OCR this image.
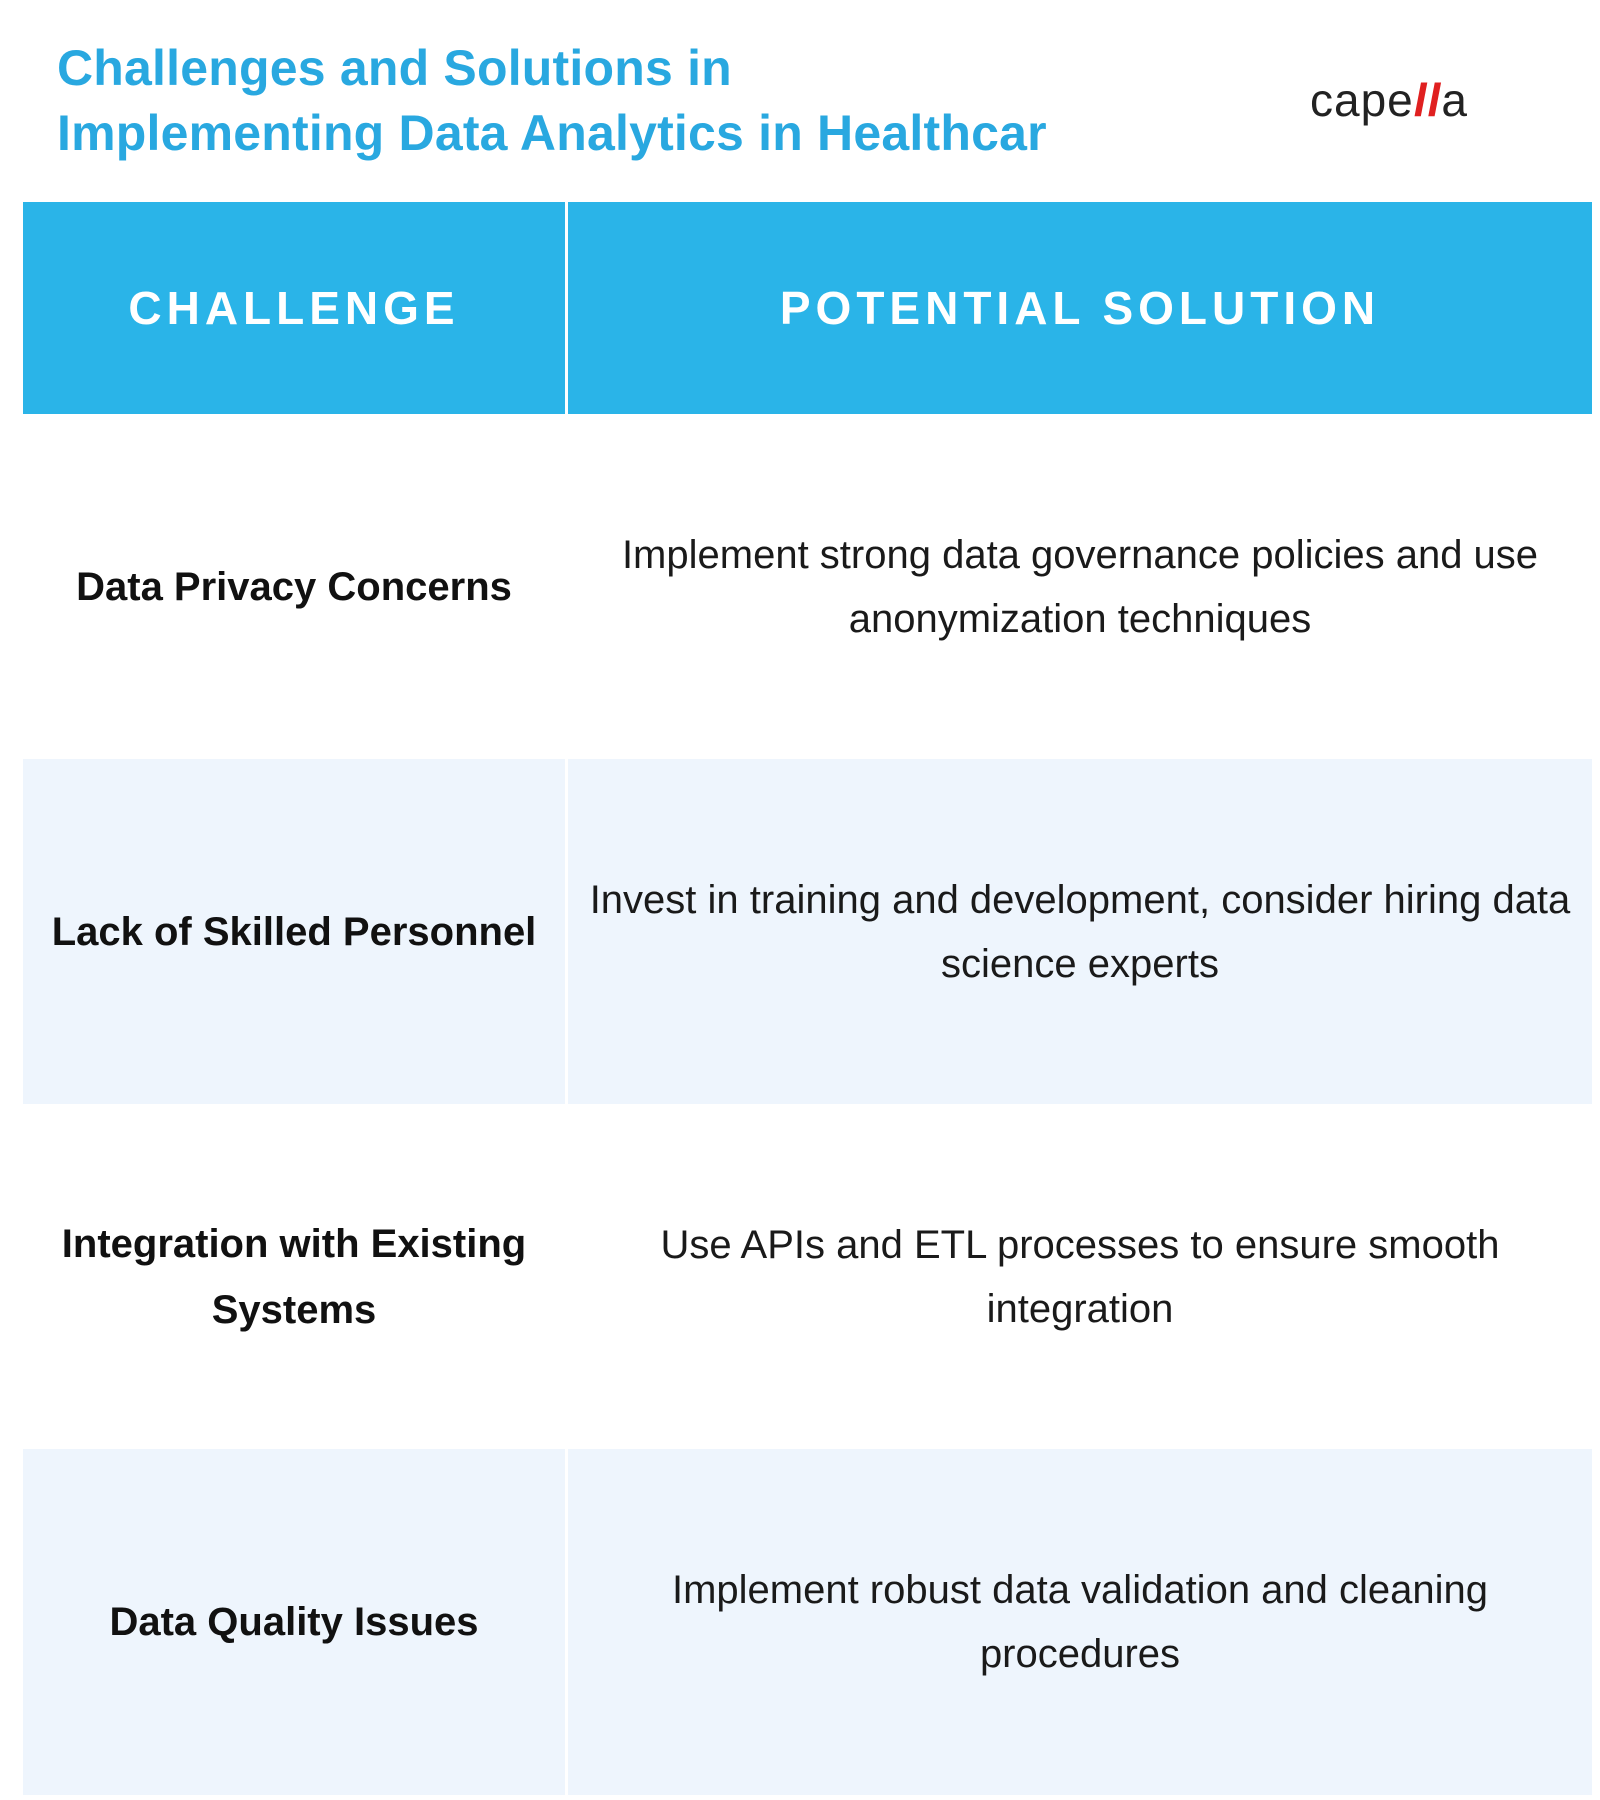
Challenges and Solutions in
Implementing Data Analytics in Healthcar
capella
CHALLENGE	POTENTIAL SOLUTION
Data Privacy Concerns
Implement strong data governance policies and use anonymization techniques
Lack of Skilled Personnel
Invest in training and development, consider hiring data science experts
Integration with Existing Systems
Use APIs and ETL processes to ensure smooth integration
Data Quality Issues
Implement robust data validation and cleaning procedures
